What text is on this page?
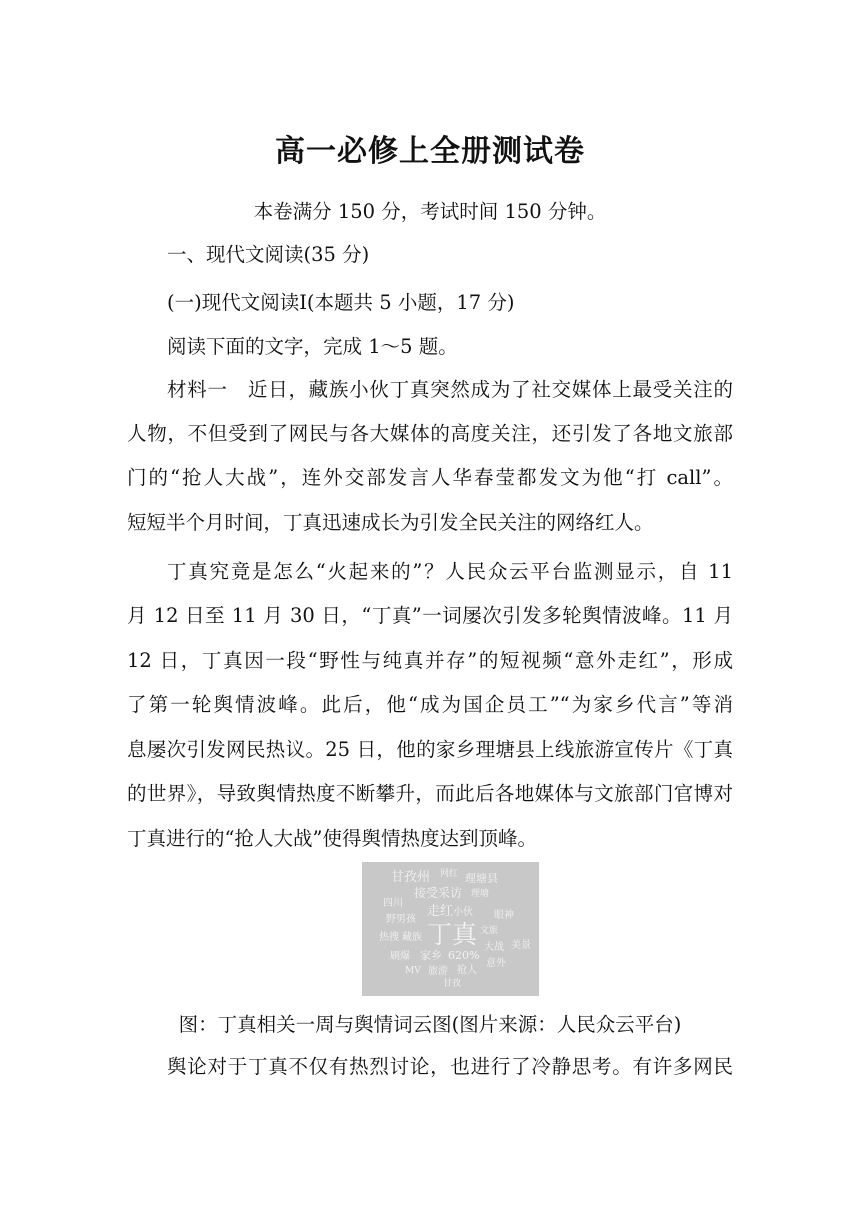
高一必修上全册测试卷
本卷满分 150 分，考试时间 150 分钟。
一、现代文阅读(35 分)
(一)现代文阅读Ⅰ(本题共 5 小题，17 分)
阅读下面的文字，完成 1～5 题。
材料一　近日，藏族小伙丁真突然成为了社交媒体上最受关注的
人物，不但受到了网民与各大媒体的高度关注，还引发了各地文旅部
门的“抢人大战”，连外交部发言人华春莹都发文为他“打 call”。
短短半个月时间，丁真迅速成长为引发全民关注的网络红人。
丁真究竟是怎么“火起来的”？人民众云平台监测显示，自 11
月 12 日至 11 月 30 日，“丁真”一词屡次引发多轮舆情波峰。11 月
12 日，丁真因一段“野性与纯真并存”的短视频“意外走红”，形成
了第一轮舆情波峰。此后，他“成为国企员工”“为家乡代言”等消
息屡次引发网民热议。25 日，他的家乡理塘县上线旅游宣传片《丁真
的世界》，导致舆情热度不断攀升，而此后各地媒体与文旅部门官博对
丁真进行的“抢人大战”使得舆情热度达到顶峰。
甘孜州 网红 理塘县
接受采访 理塘
四川
野男孩
走红 小伙 眼神
热搜 藏族 丁真 文旅
刷爆 家乡 620%
大战 美景
MV 旅游 抢人
意外
甘孜
图：丁真相关一周与舆情词云图(图片来源：人民众云平台)
舆论对于丁真不仅有热烈讨论，也进行了冷静思考。有许多网民
